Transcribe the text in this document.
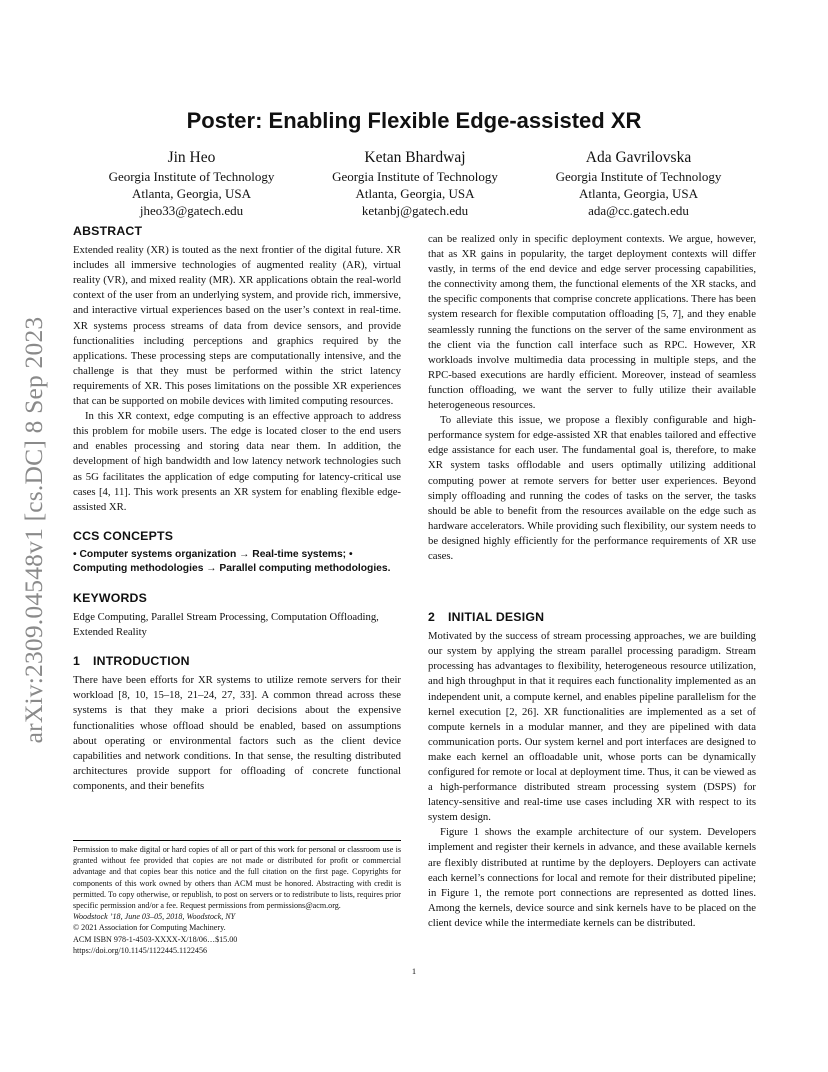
arXiv:2309.04548v1 [cs.DC] 8 Sep 2023
Poster: Enabling Flexible Edge-assisted XR
Jin Heo
Georgia Institute of Technology
Atlanta, Georgia, USA
jheo33@gatech.edu
Ketan Bhardwaj
Georgia Institute of Technology
Atlanta, Georgia, USA
ketanbj@gatech.edu
Ada Gavrilovska
Georgia Institute of Technology
Atlanta, Georgia, USA
ada@cc.gatech.edu
ABSTRACT

Extended reality (XR) is touted as the next frontier of the digital future. XR includes all immersive technologies of augmented reality (AR), virtual reality (VR), and mixed reality (MR). XR applications obtain the real-world context of the user from an underlying system, and provide rich, immersive, and interactive virtual experiences based on the user’s context in real-time. XR systems process streams of data from device sensors, and provide functionalities including perceptions and graphics required by the applications. These processing steps are computationally intensive, and the challenge is that they must be performed within the strict latency requirements of XR. This poses limitations on the possible XR experiences that can be supported on mobile devices with limited computing resources.

In this XR context, edge computing is an effective approach to address this problem for mobile users. The edge is located closer to the end users and enables processing and storing data near them. In addition, the development of high bandwidth and low latency network technologies such as 5G facilitates the application of edge computing for latency-critical use cases [4, 11]. This work presents an XR system for enabling flexible edge-assisted XR.

CCS CONCEPTS

• Computer systems organization → Real-time systems; • Computing methodologies → Parallel computing methodologies.

KEYWORDS

Edge Computing, Parallel Stream Processing, Computation Offloading, Extended Reality

1 INTRODUCTION

There have been efforts for XR systems to utilize remote servers for their workload [8, 10, 15–18, 21–24, 27, 33]. A common thread across these systems is that they make a priori decisions about the expensive functionalities whose offload should be enabled, based on assumptions about operating or environmental factors such as the client device capabilities and network conditions. In that sense, the resulting distributed architectures provide support for offloading of concrete functional components, and their benefits

Permission to make digital or hard copies of all or part of this work for personal or classroom use is granted without fee provided that copies are not made or distributed for profit or commercial advantage and that copies bear this notice and the full citation on the first page. Copyrights for components of this work owned by others than ACM must be honored. Abstracting with credit is permitted. To copy otherwise, or republish, to post on servers or to redistribute to lists, requires prior specific permission and/or a fee. Request permissions from permissions@acm.org.

Woodstock ’18, June 03–05, 2018, Woodstock, NY
© 2021 Association for Computing Machinery.
ACM ISBN 978-1-4503-XXXX-X/18/06…$15.00
https://doi.org/10.1145/1122445.1122456

can be realized only in specific deployment contexts. We argue, however, that as XR gains in popularity, the target deployment contexts will differ vastly, in terms of the end device and edge server processing capabilities, the connectivity among them, the functional elements of the XR stacks, and the specific components that comprise concrete applications. There has been system research for flexible computation offloading [5, 7], and they enable seamlessly running the functions on the server of the same environment as the client via the function call interface such as RPC. However, XR workloads involve multimedia data processing in multiple steps, and the RPC-based executions are hardly efficient. Moreover, instead of seamless function offloading, we want the server to fully utilize their available heterogeneous resources.

To alleviate this issue, we propose a flexibly configurable and high-performance system for edge-assisted XR that enables tailored and effective edge assistance for each user. The fundamental goal is, therefore, to make XR system tasks offlodable and users optimally utilizing additional computing power at remote servers for better user experiences. Beyond simply offloading and running the codes of tasks on the server, the tasks should be able to benefit from the resources available on the edge such as hardware accelerators. While providing such flexibility, our system needs to be designed highly efficiently for the performance requirements of XR use cases.

2 INITIAL DESIGN

Motivated by the success of stream processing approaches, we are building our system by applying the stream parallel processing paradigm. Stream processing has advantages to flexibility, heterogeneous resource utilization, and high throughput in that it requires each functionality implemented as an independent unit, a compute kernel, and enables pipeline parallelism for the kernel execution [2, 26]. XR functionalities are implemented as a set of compute kernels in a modular manner, and they are pipelined with data communication ports. Our system kernel and port interfaces are designed to make each kernel an offloadable unit, whose ports can be dynamically configured for remote or local at deployment time. Thus, it can be viewed as a high-performance distributed stream processing system (DSPS) for latency-sensitive and real-time use cases including XR with respect to its system design.

Figure 1 shows the example architecture of our system. Developers implement and register their kernels in advance, and these available kernels are flexibly distributed at runtime by the deployers. Deployers can activate each kernel’s connections for local and remote for their distributed pipeline; in Figure 1, the remote port connections are represented as dotted lines. Among the kernels, device source and sink kernels have to be placed on the client device while the intermediate kernels can be distributed.

1
